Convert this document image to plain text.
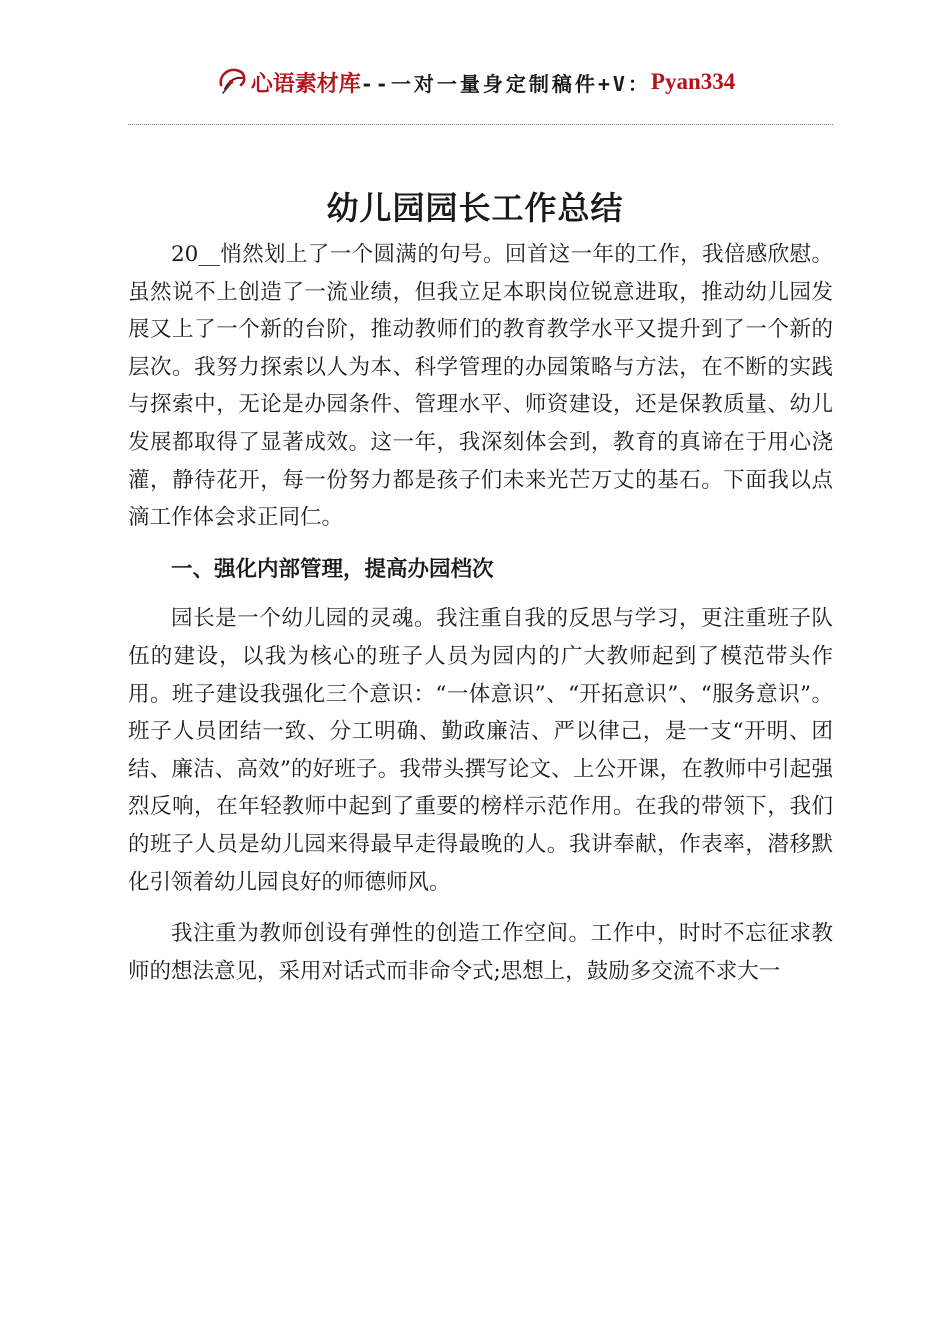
心语素材库 --一对一量身定制稿件+V： Pyan334
幼儿园园长工作总结

20__悄然划上了一个圆满的句号。回首这一年的工作，我倍感欣慰。虽然说不上创造了一流业绩，但我立足本职岗位锐意进取，推动幼儿园发展又上了一个新的台阶，推动教师们的教育教学水平又提升到了一个新的层次。我努力探索以人为本、科学管理的办园策略与方法，在不断的实践与探索中，无论是办园条件、管理水平、师资建设，还是保教质量、幼儿发展都取得了显著成效。这一年，我深刻体会到，教育的真谛在于用心浇灌，静待花开，每一份努力都是孩子们未来光芒万丈的基石。下面我以点滴工作体会求正同仁。

一、强化内部管理，提高办园档次

园长是一个幼儿园的灵魂。我注重自我的反思与学习，更注重班子队伍的建设，以我为核心的班子人员为园内的广大教师起到了模范带头作用。班子建设我强化三个意识：“一体意识”、“开拓意识”、“服务意识”。班子人员团结一致、分工明确、勤政廉洁、严以律己，是一支“开明、团结、廉洁、高效”的好班子。我带头撰写论文、上公开课，在教师中引起强烈反响，在年轻教师中起到了重要的榜样示范作用。在我的带领下，我们的班子人员是幼儿园来得最早走得最晚的人。我讲奉献，作表率，潜移默化引领着幼儿园良好的师德师风。

我注重为教师创设有弹性的创造工作空间。工作中，时时不忘征求教师的想法意见，采用对话式而非命令式;思想上，鼓励多交流不求大一
